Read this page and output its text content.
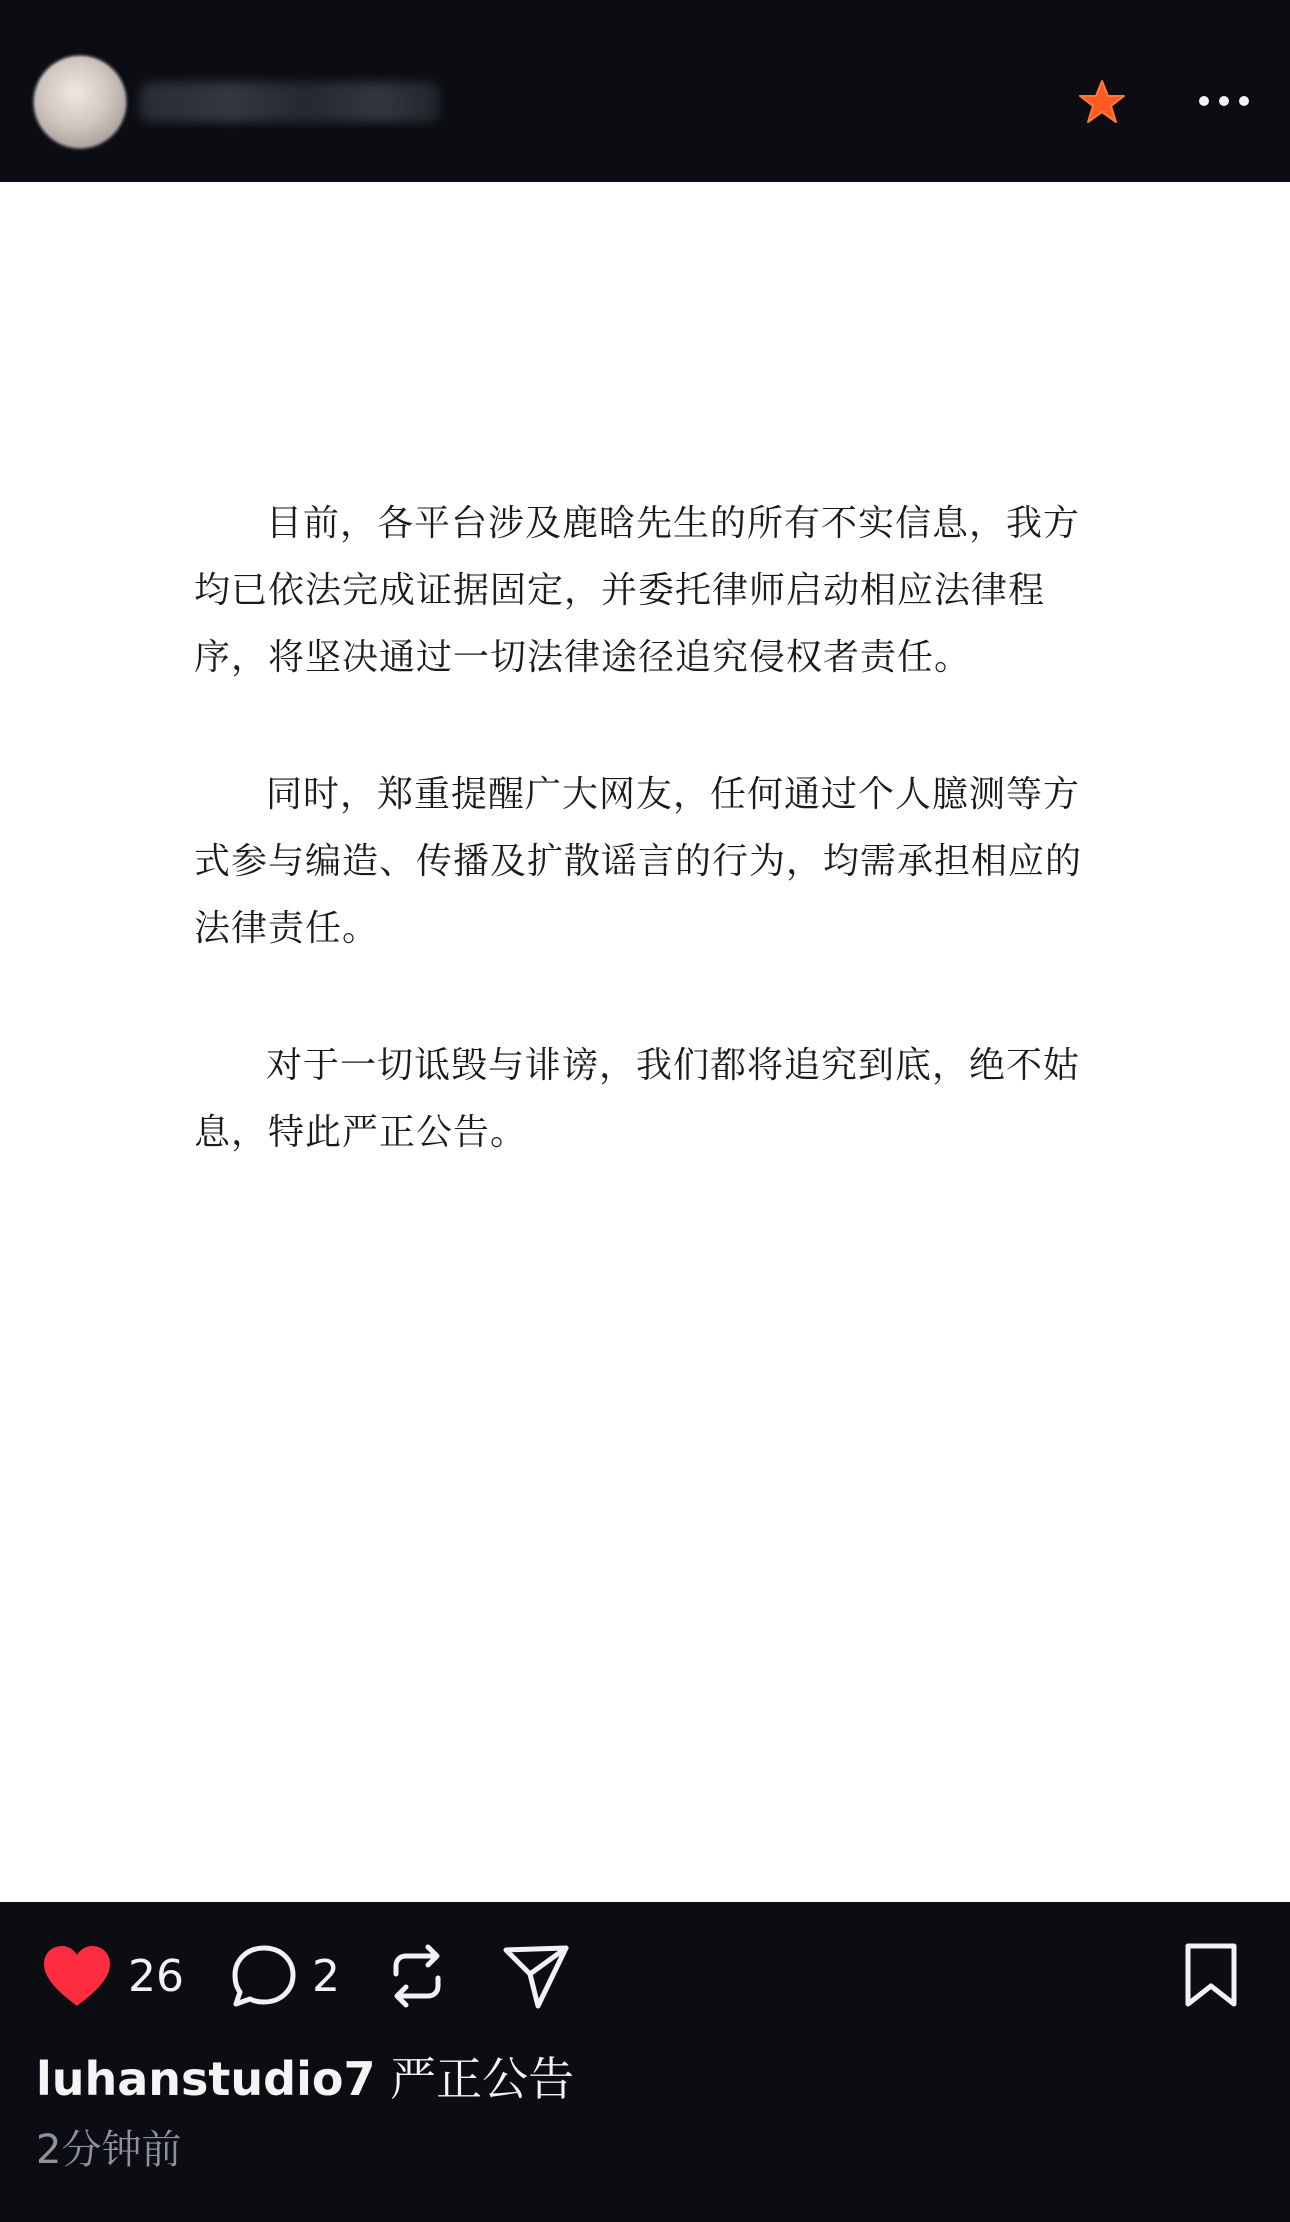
目前，各平台涉及鹿晗先生的所有不实信息，我方均已依法完成证据固定，并委托律师启动相应法律程序，将坚决通过一切法律途径追究侵权者责任。

同时，郑重提醒广大网友，任何通过个人臆测等方式参与编造、传播及扩散谣言的行为，均需承担相应的法律责任。

对于一切诋毁与诽谤，我们都将追究到底，绝不姑息，特此严正公告。

26	2
luhanstudio7 严正公告
2分钟前
